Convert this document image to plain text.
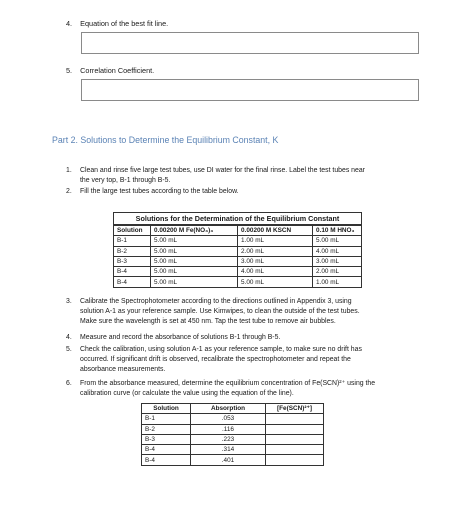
4. Equation of the best fit line.
5. Correlation Coefficient.
Part 2. Solutions to Determine the Equilibrium Constant, K
1. Clean and rinse five large test tubes, use DI water for the final rinse. Label the test tubes near
the very top, B-1 through B-5.
2. Fill the large test tubes according to the table below.
Solutions for the Determination of the Equilibrium Constant
Solution	0.00200 M Fe(NO₃)₃	0.00200 M KSCN	0.10 M HNO₃
B-1	5.00 mL	1.00 mL	5.00 mL
B-2	5.00 mL	2.00 mL	4.00 mL
B-3	5.00 mL	3.00 mL	3.00 mL
B-4	5.00 mL	4.00 mL	2.00 mL
B-4	5.00 mL	5.00 mL	1.00 mL
3. Calibrate the Spectrophotometer according to the directions outlined in Appendix 3, using
solution A-1 as your reference sample. Use Kimwipes, to clean the outside of the test tubes.
Make sure the wavelength is set at 450 nm. Tap the test tube to remove air bubbles.
4. Measure and record the absorbance of solutions B-1 through B-5.
5. Check the calibration, using solution A-1 as your reference sample, to make sure no drift has
occurred. If significant drift is observed, recalibrate the spectrophotometer and repeat the
absorbance measurements.
6. From the absorbance measured, determine the equilibrium concentration of Fe(SCN)²⁺ using the
calibration curve (or calculate the value using the equation of the line).
Solution	Absorption	[Fe(SCN)²⁺]
B-1	.053	
B-2	.116	
B-3	.223	
B-4	.314	
B-4	.401	
